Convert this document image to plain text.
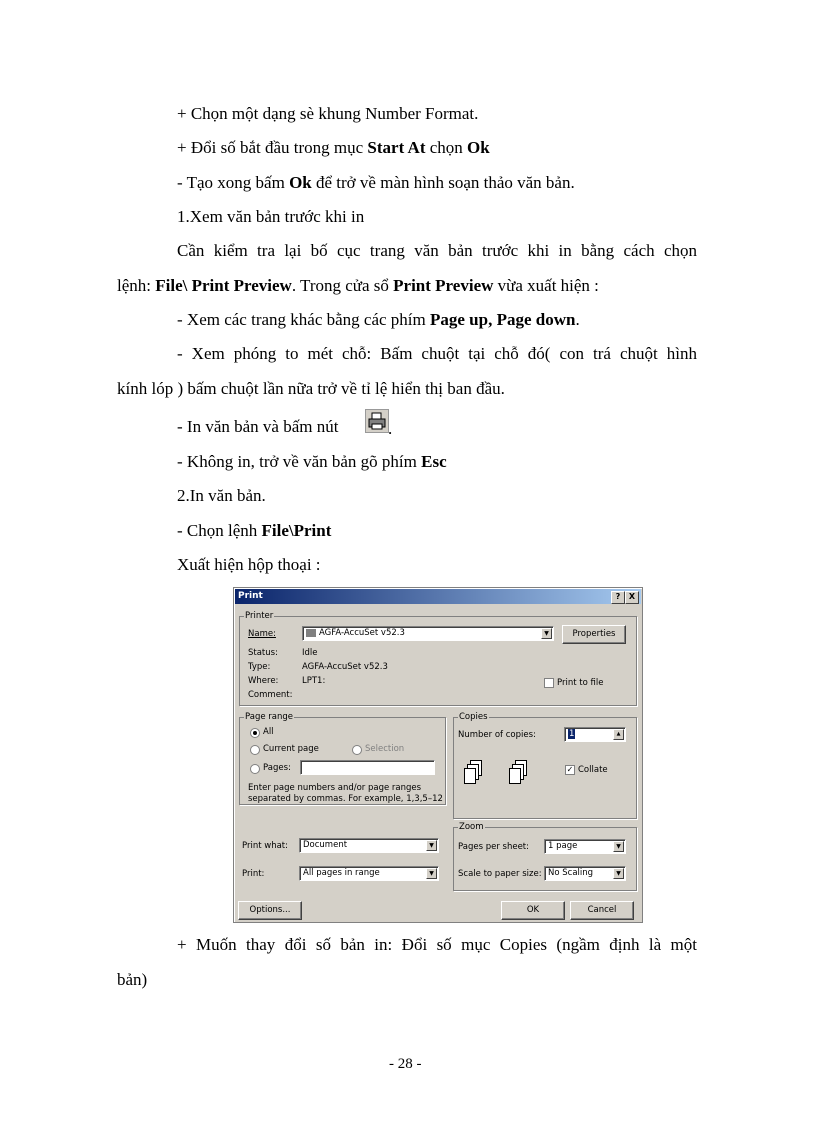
+ Chọn một dạng sè khung Number Format.
+ Đổi số bắt đầu trong mục Start At chọn Ok
- Tạo xong bấm Ok để trở về màn hình soạn thảo văn bản.
1.Xem văn bản trước khi in
Cần kiểm tra lại bố cục trang văn bản trước khi in bằng cách chọn
lệnh: File\ Print Preview. Trong cửa sổ Print Preview vừa xuất hiện :
- Xem các trang khác bằng các phím Page up, Page down.
- Xem phóng to mét chỗ: Bấm chuột tại chỗ đó( con trá chuột hình
kính lóp ) bấm chuột lần nữa trở về tỉ lệ hiển thị ban đầu.
- In văn bản và bấm nút	.
- Không in, trở về văn bản gõ phím Esc
2.In văn bản.
- Chọn lệnh File\Print
Xuất hiện hộp thoại :
Print	?	X
Printer
Name:	AGFA-AccuSet v52.3	▼	Properties
Status:	Idle
Type:	AGFA-AccuSet v52.3
Where:	LPT1:
Comment:
Print to file
Page range
All
Current page	Selection
Pages:
Enter page numbers and/or page ranges
separated by commas. For example, 1,3,5–12
Copies
Number of copies:	1	▲
✓ Collate
Print what: Document	▼
Print:	All pages in range	▼
Zoom
Pages per sheet: 1 page	▼
Scale to paper size: No Scaling	▼
Options...	OK	Cancel
+ Muốn thay đổi số bản in: Đổi số mục Copies (ngầm định là một
bản)
- 28 -
